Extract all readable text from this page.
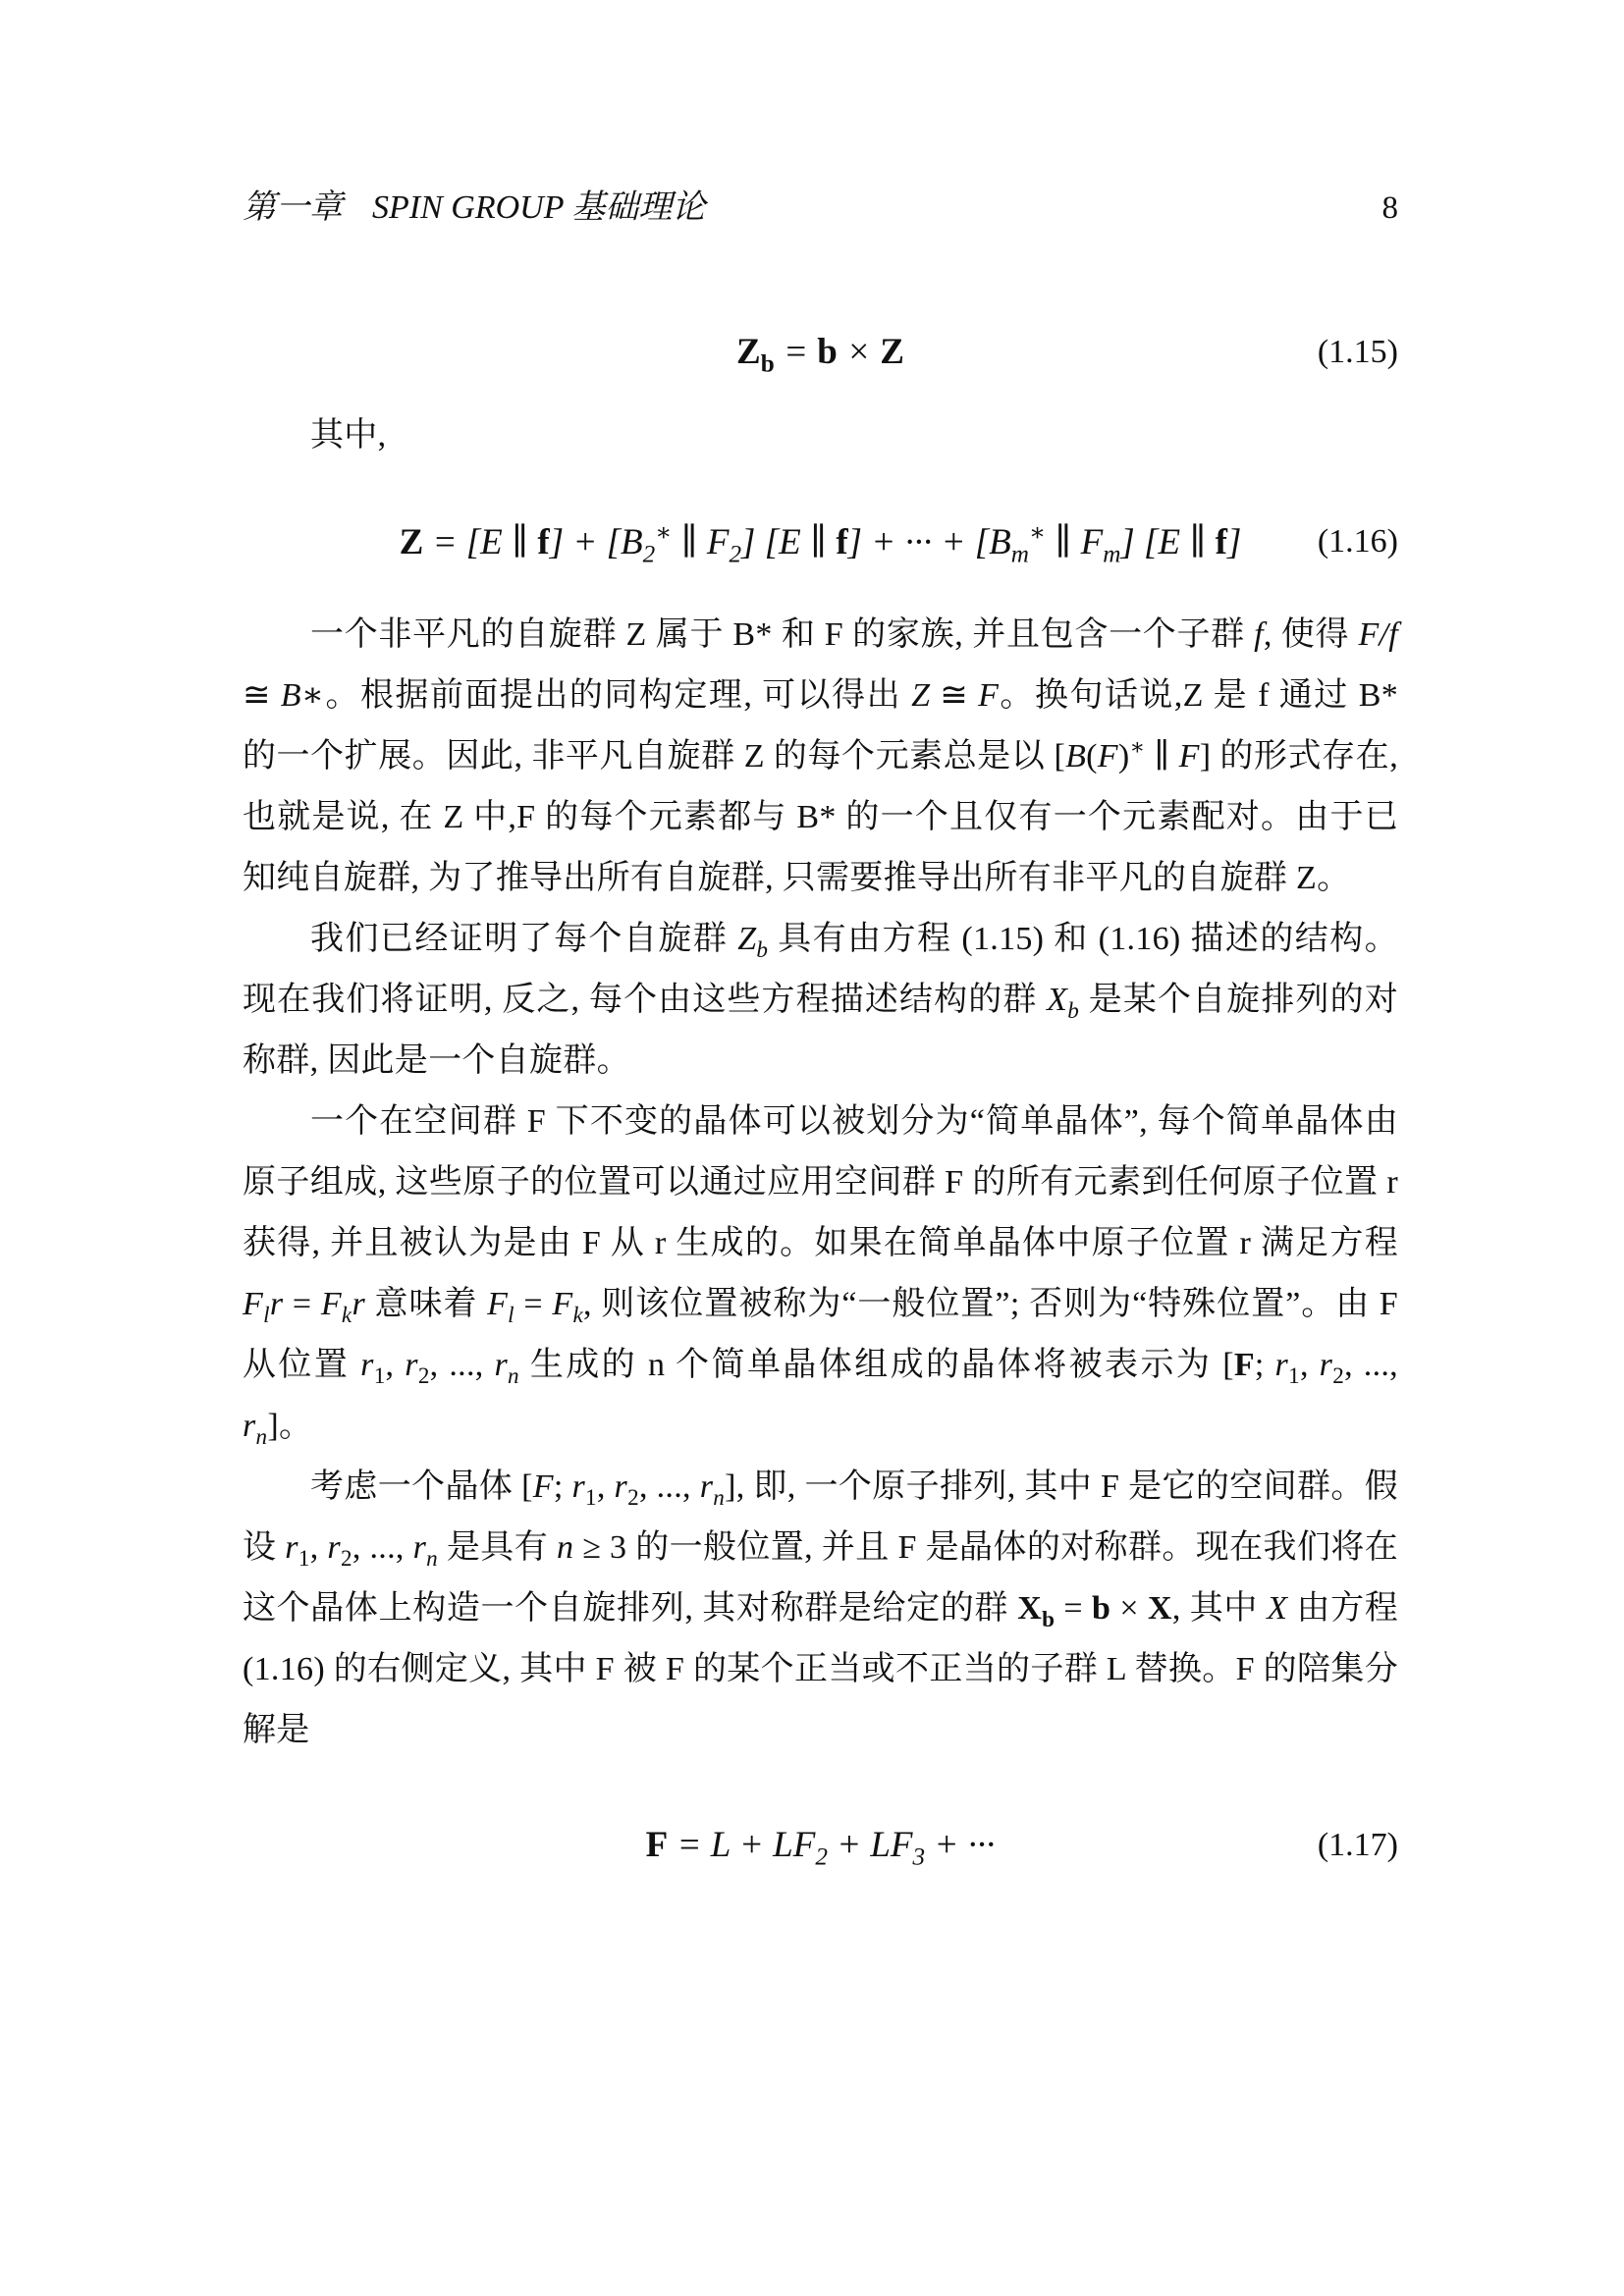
第一章 SPIN GROUP 基础理论	8
$Z_b = b \times Z$	(1.15)

其中,

Z = [E ∥ $f] + [B_2^∗$ ∥ $F_2$] [E ∥ f] + ··· + [$B_m^∗$ ∥ $F_m$] [E ∥ f] (1.16)

一个非平凡的自旋群 Z 属于 B* 和 F 的家族, 并且包含一个子群 f, 使得 F/f ≅ B∗。根据前面提出的同构定理, 可以得出 Z ≅ F。换句话说,Z 是 f 通过 B* 的一个扩展。因此, 非平凡自旋群 Z 的每个元素总是以 [B(F)∗ ∥ F] 的形式存在, 也就是说, 在 Z 中,F 的每个元素都与 B* 的一个且仅有一个元素配对。由于已知纯自旋群, 为了推导出所有自旋群, 只需要推导出所有非平凡的自旋群 Z。

我们已经证明了每个自旋群 $Z_b$ 具有由方程 (1.15) 和 (1.16) 描述的结构。现在我们将证明, 反之, 每个由这些方程描述结构的群 $X_b$ 是某个自旋排列的对称群, 因此是一个自旋群。

一个在空间群 F 下不变的晶体可以被划分为“简单晶体”, 每个简单晶体由原子组成, 这些原子的位置可以通过应用空间群 F 的所有元素到任何原子位置 r 获得, 并且被认为是由 F 从 r 生成的。如果在简单晶体中原子位置 r 满足方程 $F_lr = F_kr$ 意味着 $F_l = F_k$, 则该位置被称为“一般位置”; 否则为“特殊位置”。由 F 从位置 $r_1$, $r_2$, ..., $r_n$ 生成的 n 个简单晶体组成的晶体将被表示为 [F; $r_1$, $r_2$, ..., $r_n$]。

考虑一个晶体 [F; $r_1$, $r_2$, ..., $r_n$], 即, 一个原子排列, 其中 F 是它的空间群。假设 $r_1$, $r_2$, ..., $r_n$ 是具有 n ≥ 3 的一般位置, 并且 F 是晶体的对称群。现在我们将在这个晶体上构造一个自旋排列, 其对称群是给定的群 $X_b = b \times X$, 其中 X 由方程 (1.16) 的右侧定义, 其中 F 被 F 的某个正当或不正当的子群 L 替换。F 的陪集分解是

$F = L + LF_2 + LF_3$ + ···	(1.17)
